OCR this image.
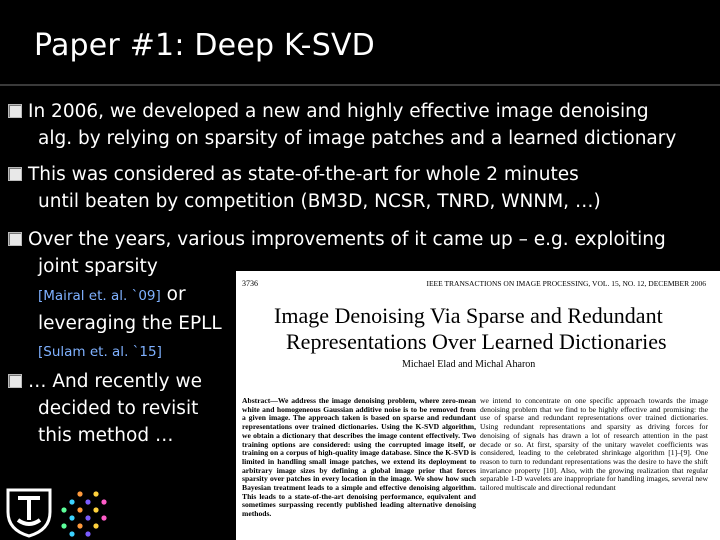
Paper #1: Deep K-SVD
In 2006, we developed a new and highly effective image denoising
alg. by relying on sparsity of image patches and a learned dictionary
This was considered as state-of-the-art for whole 2 minutes
until beaten by competition (BM3D, NCSR, TNRD, WNNM, …)
Over the years, various improvements of it came up – e.g. exploiting
joint sparsity
[Mairal et. al. `09] or
leveraging the EPLL
[Sulam et. al. `15]
… And recently we
decided to revisit
this method …
3736	IEEE TRANSACTIONS ON IMAGE PROCESSING, VOL. 15, NO. 12, DECEMBER 2006
Image Denoising Via Sparse and Redundant
Representations Over Learned Dictionaries
Michael Elad and Michal Aharon
Abstract—We address the image denoising problem, where zero-mean white and homogeneous Gaussian additive noise is to be removed from a given image. The approach taken is based on sparse and redundant representations over trained dictionaries. Using the K-SVD algorithm, we obtain a dictionary that describes the image content effectively. Two training options are considered: using the corrupted image itself, or training on a corpus of high-quality image database. Since the K-SVD is limited in handling small image patches, we extend its deployment to arbitrary image sizes by defining a global image prior that forces sparsity over patches in every location in the image. We show how such Bayesian treatment leads to a simple and effective denoising algorithm. This leads to a state-of-the-art denoising performance, equivalent and sometimes surpassing recently published leading alternative denoising methods.
we intend to concentrate on one specific approach towards the image denoising problem that we find to be highly effective and promising: the use of sparse and redundant representations over trained dictionaries. Using redundant representations and sparsity as driving forces for denoising of signals has drawn a lot of research attention in the past decade or so. At first, sparsity of the unitary wavelet coefficients was considered, leading to the celebrated shrinkage algorithm [1]–[9]. One reason to turn to redundant representations was the desire to have the shift invariance property [10]. Also, with the growing realization that regular separable 1-D wavelets are inappropriate for handling images, several new tailored multiscale and directional redundant
